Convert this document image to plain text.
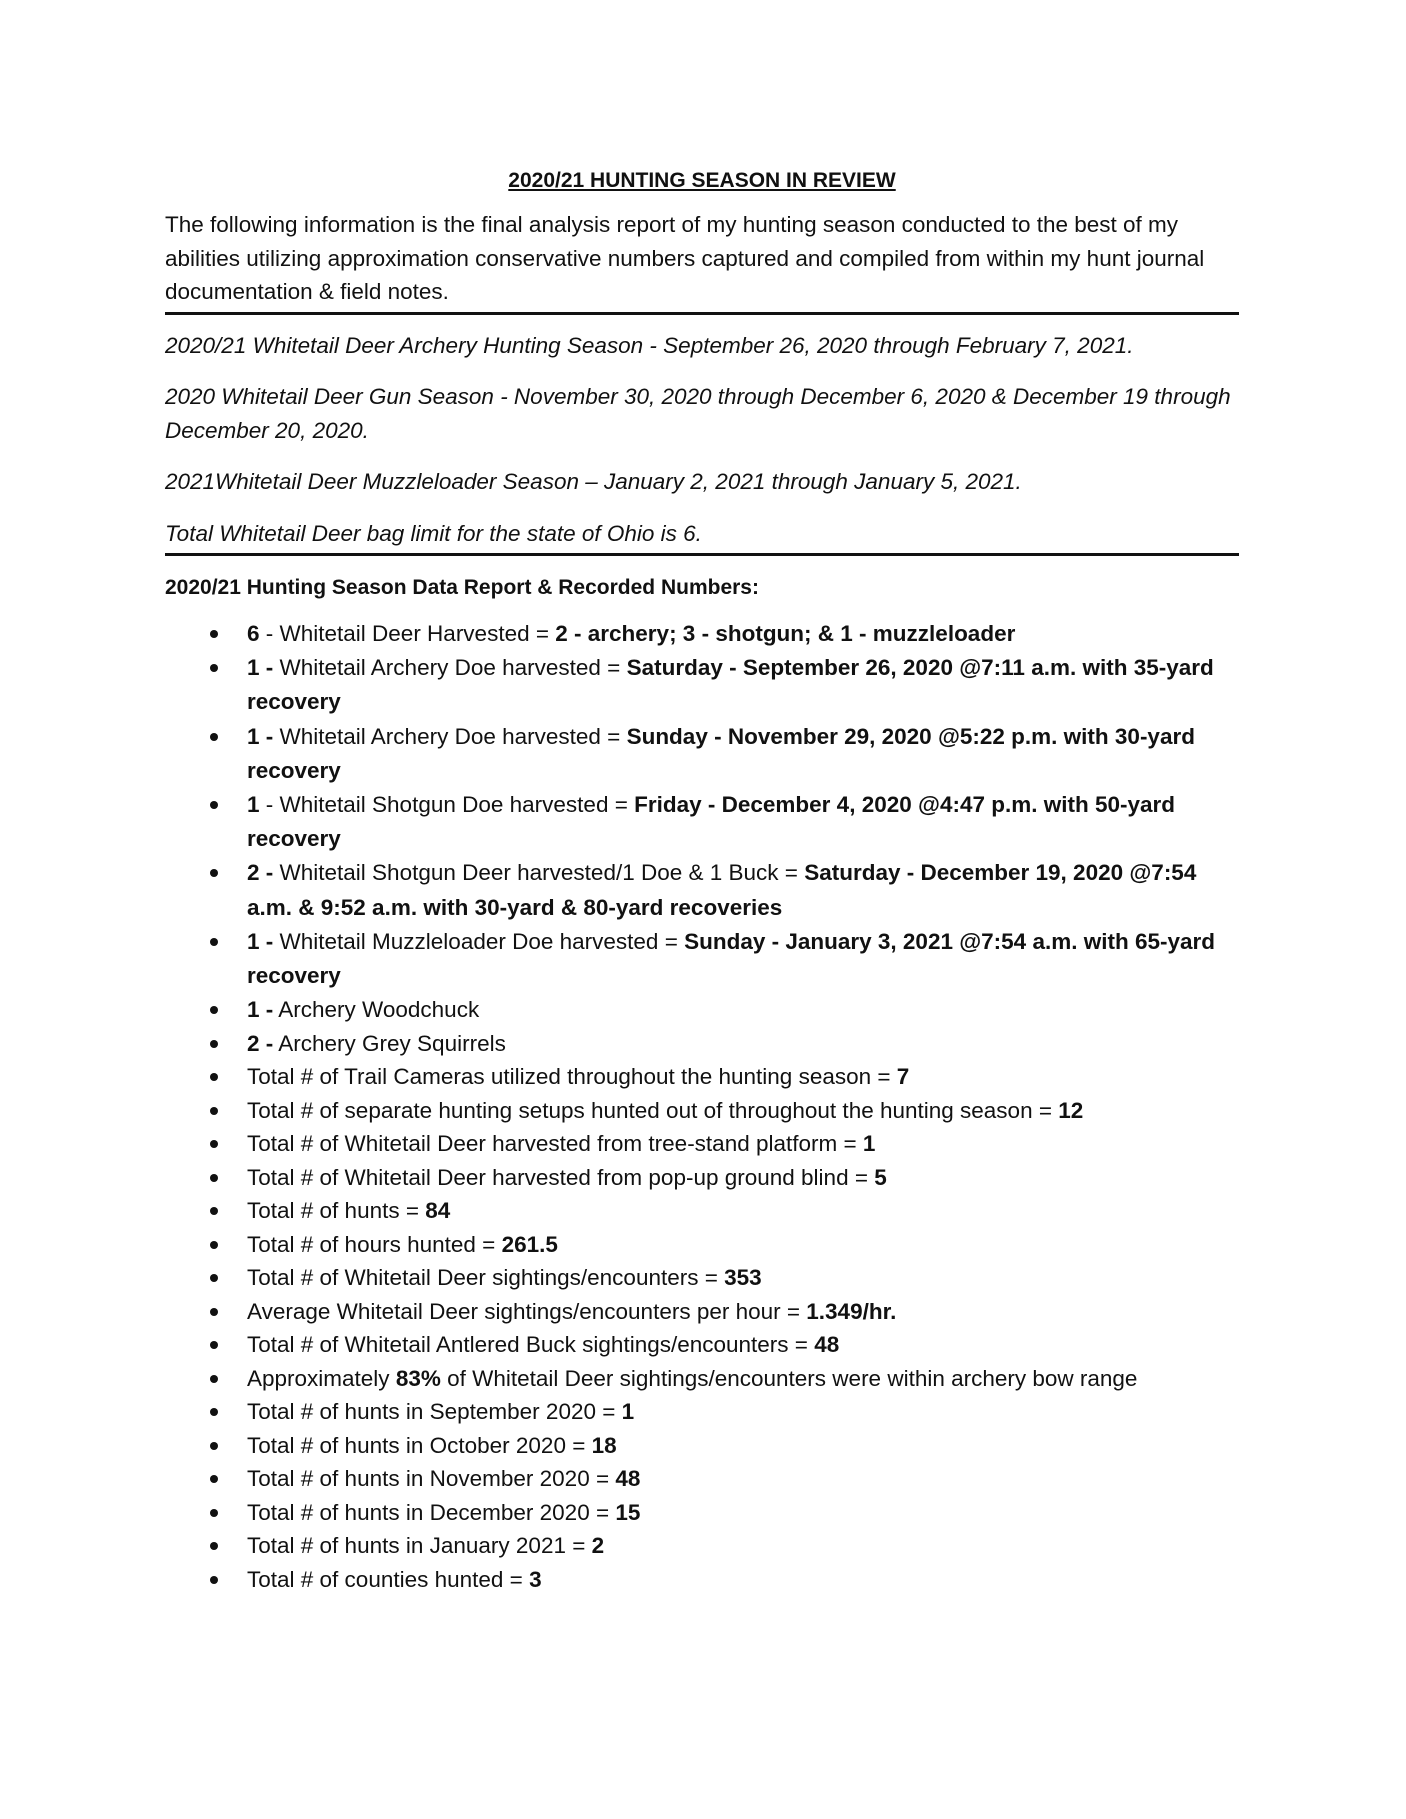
2020/21 HUNTING SEASON IN REVIEW

The following information is the final analysis report of my hunting season conducted to the best of my abilities utilizing approximation conservative numbers captured and compiled from within my hunt journal documentation & field notes.

2020/21 Whitetail Deer Archery Hunting Season - September 26, 2020 through February 7, 2021.

2020 Whitetail Deer Gun Season - November 30, 2020 through December 6, 2020 & December 19 through December 20, 2020.

2021Whitetail Deer Muzzleloader Season – January 2, 2021 through January 5, 2021.

Total Whitetail Deer bag limit for the state of Ohio is 6.

2020/21 Hunting Season Data Report & Recorded Numbers:
6 - Whitetail Deer Harvested = 2 - archery; 3 - shotgun; & 1 - muzzleloader
1 - Whitetail Archery Doe harvested = Saturday - September 26, 2020 @7:11 a.m. with 35-yard recovery
1 - Whitetail Archery Doe harvested = Sunday - November 29, 2020 @5:22 p.m. with 30-yard recovery
1 - Whitetail Shotgun Doe harvested = Friday - December 4, 2020 @4:47 p.m. with 50-yard recovery
2 - Whitetail Shotgun Deer harvested/1 Doe & 1 Buck = Saturday - December 19, 2020 @7:54 a.m. & 9:52 a.m. with 30-yard & 80-yard recoveries
1 - Whitetail Muzzleloader Doe harvested = Sunday - January 3, 2021 @7:54 a.m. with 65-yard recovery
1 - Archery Woodchuck
2 - Archery Grey Squirrels
Total # of Trail Cameras utilized throughout the hunting season = 7
Total # of separate hunting setups hunted out of throughout the hunting season = 12
Total # of Whitetail Deer harvested from tree-stand platform = 1
Total # of Whitetail Deer harvested from pop-up ground blind = 5
Total # of hunts = 84
Total # of hours hunted = 261.5
Total # of Whitetail Deer sightings/encounters = 353
Average Whitetail Deer sightings/encounters per hour = 1.349/hr.
Total # of Whitetail Antlered Buck sightings/encounters = 48
Approximately 83% of Whitetail Deer sightings/encounters were within archery bow range
Total # of hunts in September 2020 = 1
Total # of hunts in October 2020 = 18
Total # of hunts in November 2020 = 48
Total # of hunts in December 2020 = 15
Total # of hunts in January 2021 = 2
Total # of counties hunted = 3
